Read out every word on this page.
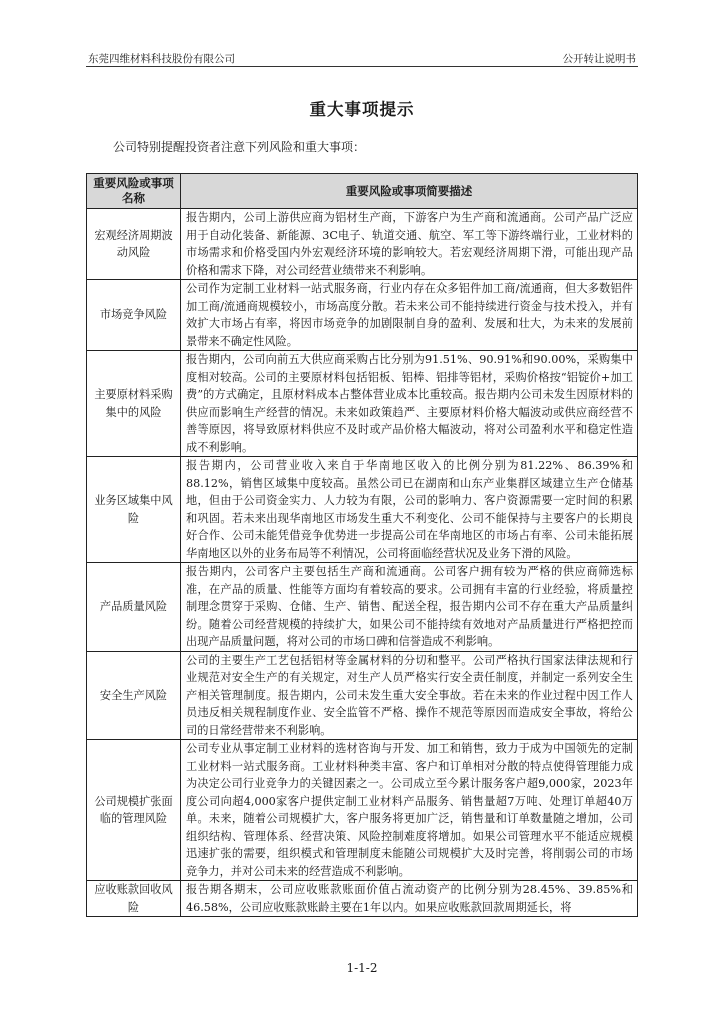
东莞四维材料科技股份有限公司	公开转让说明书
重大事项提示
公司特别提醒投资者注意下列风险和重大事项：
重要风险或事项名称	重要风险或事项简要描述
宏观经济周期波动风险	报告期内，公司上游供应商为铝材生产商，下游客户为生产商和流通商。公司产品广泛应用于自动化装备、新能源、3C电子、轨道交通、航空、军工等下游终端行业，工业材料的市场需求和价格受国内外宏观经济环境的影响较大。若宏观经济周期下滑，可能出现产品价格和需求下降，对公司经营业绩带来不利影响。
市场竞争风险	公司作为定制工业材料一站式服务商，行业内存在众多铝件加工商/流通商，但大多数铝件加工商/流通商规模较小，市场高度分散。若未来公司不能持续进行资金与技术投入，并有效扩大市场占有率，将因市场竞争的加剧限制自身的盈利、发展和壮大，为未来的发展前景带来不确定性风险。
主要原材料采购集中的风险	报告期内，公司向前五大供应商采购占比分别为91.51%、90.91%和90.00%，采购集中度相对较高。公司的主要原材料包括铝板、铝棒、铝排等铝材，采购价格按“铝锭价+加工费”的方式确定，且原材料成本占整体营业成本比重较高。报告期内公司未发生因原材料的供应而影响生产经营的情况。未来如政策趋严、主要原材料价格大幅波动或供应商经营不善等原因，将导致原材料供应不及时或产品价格大幅波动，将对公司盈利水平和稳定性造成不利影响。
业务区域集中风险	报告期内，公司营业收入来自于华南地区收入的比例分别为81.22%、86.39%和88.12%，销售区域集中度较高。虽然公司已在湖南和山东产业集群区域建立生产仓储基地，但由于公司资金实力、人力较为有限，公司的影响力、客户资源需要一定时间的积累和巩固。若未来出现华南地区市场发生重大不利变化、公司不能保持与主要客户的长期良好合作、公司未能凭借竞争优势进一步提高公司在华南地区的市场占有率、公司未能拓展华南地区以外的业务布局等不利情况，公司将面临经营状况及业务下滑的风险。
产品质量风险	报告期内，公司客户主要包括生产商和流通商。公司客户拥有较为严格的供应商筛选标准，在产品的质量、性能等方面均有着较高的要求。公司拥有丰富的行业经验，将质量控制理念贯穿于采购、仓储、生产、销售、配送全程，报告期内公司不存在重大产品质量纠纷。随着公司经营规模的持续扩大，如果公司不能持续有效地对产品质量进行严格把控而出现产品质量问题，将对公司的市场口碑和信誉造成不利影响。
安全生产风险	公司的主要生产工艺包括铝材等金属材料的分切和整平。公司严格执行国家法律法规和行业规范对安全生产的有关规定，对生产人员严格实行安全责任制度，并制定一系列安全生产相关管理制度。报告期内，公司未发生重大安全事故。若在未来的作业过程中因工作人员违反相关规程制度作业、安全监管不严格、操作不规范等原因而造成安全事故，将给公司的日常经营带来不利影响。
公司规模扩张面临的管理风险	公司专业从事定制工业材料的选材咨询与开发、加工和销售，致力于成为中国领先的定制工业材料一站式服务商。工业材料种类丰富、客户和订单相对分散的特点使得管理能力成为决定公司行业竞争力的关键因素之一。公司成立至今累计服务客户超9,000家，2023年度公司向超4,000家客户提供定制工业材料产品服务、销售量超7万吨、处理订单超40万单。未来，随着公司规模扩大，客户服务将更加广泛，销售量和订单数量随之增加，公司组织结构、管理体系、经营决策、风险控制难度将增加。如果公司管理水平不能适应规模迅速扩张的需要，组织模式和管理制度未能随公司规模扩大及时完善，将削弱公司的市场竞争力，并对公司未来的经营造成不利影响。
应收账款回收风险	报告期各期末，公司应收账款账面价值占流动资产的比例分别为28.45%、39.85%和46.58%，公司应收账款账龄主要在1年以内。如果应收账款回款周期延长，将
1-1-2
